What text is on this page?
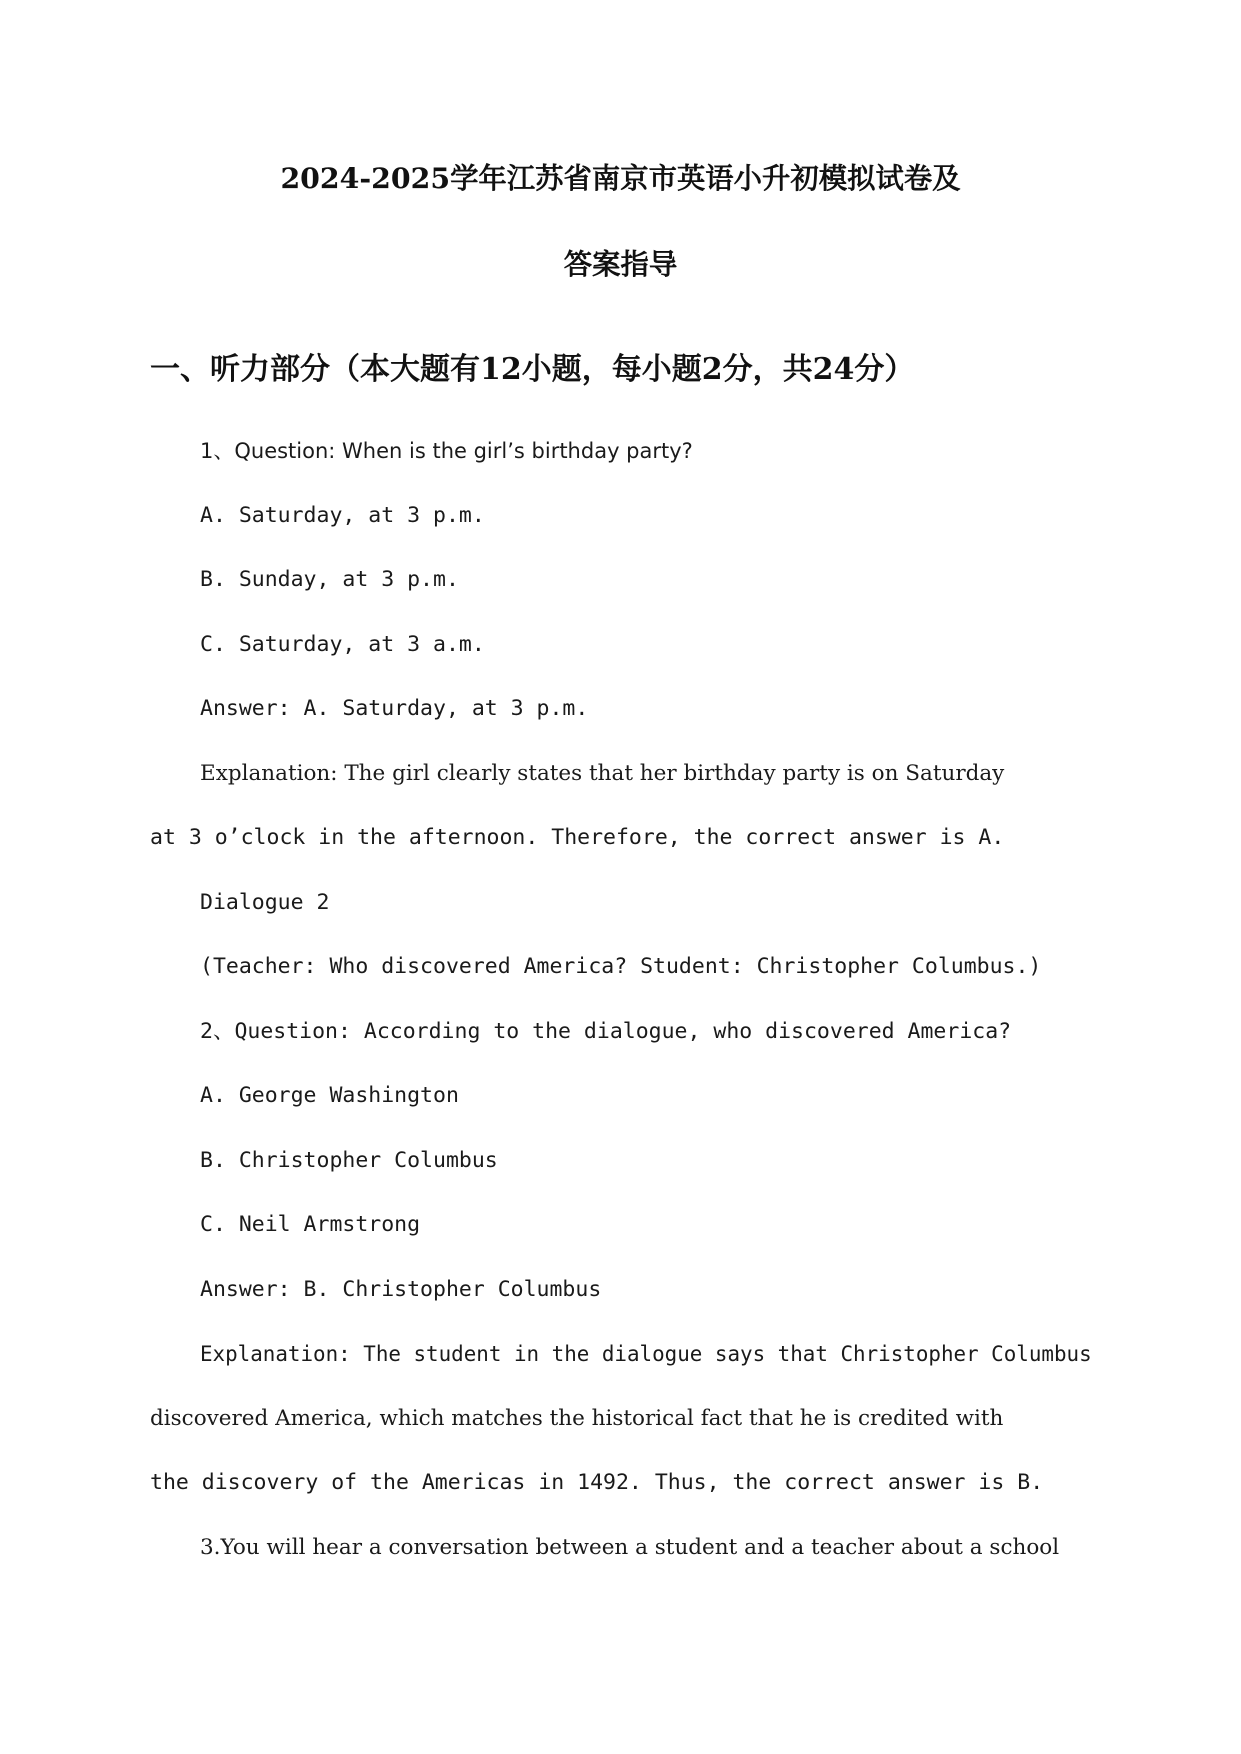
2024-2025学年江苏省南京市英语小升初模拟试卷及
答案指导
一、听力部分（本大题有12小题，每小题2分，共24分）
1、Question: When is the girl’s birthday party?
A. Saturday, at 3 p.m.
B. Sunday, at 3 p.m.
C. Saturday, at 3 a.m.
Answer: A. Saturday, at 3 p.m.
Explanation: The girl clearly states that her birthday party is on Saturday
at 3 o’clock in the afternoon. Therefore, the correct answer is A.
Dialogue 2
(Teacher: Who discovered America? Student: Christopher Columbus.)
2、Question: According to the dialogue, who discovered America?
A. George Washington
B. Christopher Columbus
C. Neil Armstrong
Answer: B. Christopher Columbus
Explanation: The student in the dialogue says that Christopher Columbus
discovered America, which matches the historical fact that he is credited with
the discovery of the Americas in 1492. Thus, the correct answer is B.
3.You will hear a conversation between a student and a teacher about a school
